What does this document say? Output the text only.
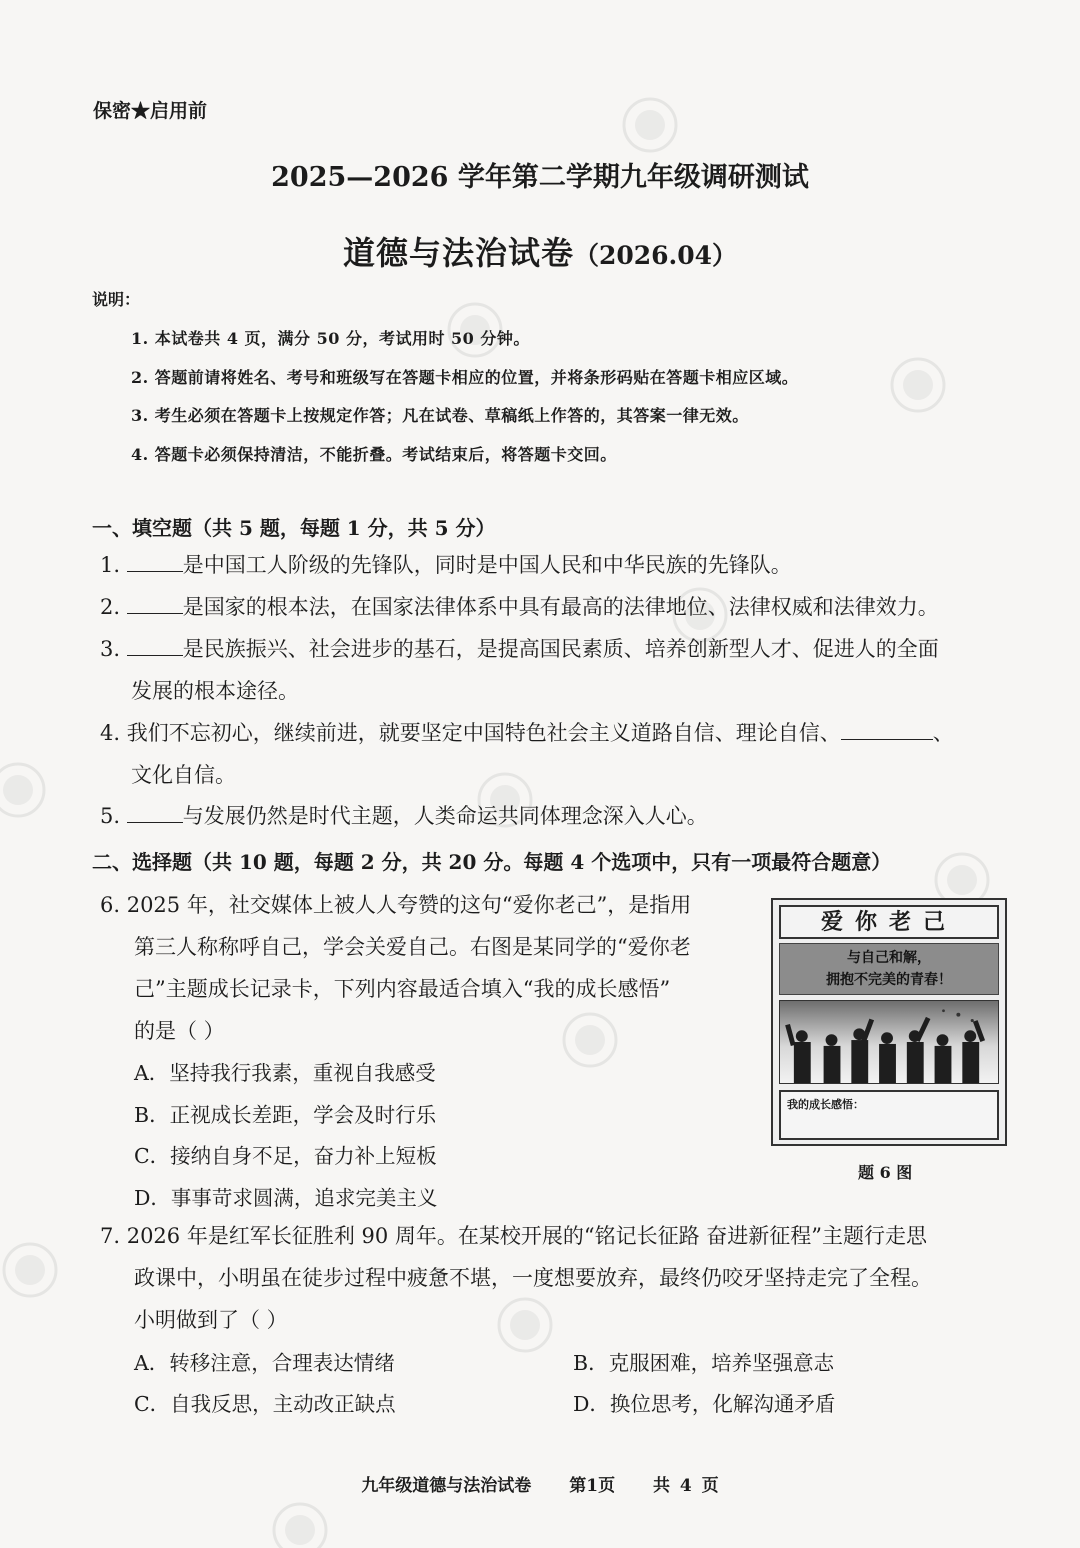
保密★启用前
2025—2026 学年第二学期九年级调研测试
道德与法治试卷（2026.04）
说明：
1. 本试卷共 4 页，满分 50 分，考试用时 50 分钟。
2. 答题前请将姓名、考号和班级写在答题卡相应的位置，并将条形码贴在答题卡相应区域。
3. 考生必须在答题卡上按规定作答；凡在试卷、草稿纸上作答的，其答案一律无效。
4. 答题卡必须保持清洁，不能折叠。考试结束后，将答题卡交回。
一、填空题（共 5 题，每题 1 分，共 5 分）
1.	是中国工人阶级的先锋队，同时是中国人民和中华民族的先锋队。
2.	是国家的根本法，在国家法律体系中具有最高的法律地位、法律权威和法律效力。
3.	是民族振兴、社会进步的基石，是提高国民素质、培养创新型人才、促进人的全面
发展的根本途径。
4. 我们不忘初心，继续前进，就要坚定中国特色社会主义道路自信、理论自信、	、
文化自信。
5.	与发展仍然是时代主题，人类命运共同体理念深入人心。
二、选择题（共 10 题，每题 2 分，共 20 分。每题 4 个选项中，只有一项最符合题意）
6. 2025 年，社交媒体上被人人夸赞的这句“爱你老己”，是指用
第三人称称呼自己，学会关爱自己。右图是某同学的“爱你老
己”主题成长记录卡，下列内容最适合填入“我的成长感悟”
的是（ ）
A．坚持我行我素，重视自我感受
B．正视成长差距，学会及时行乐
C．接纳自身不足，奋力补上短板
D．事事苛求圆满，追求完美主义
爱你老己
与自己和解，
拥抱不完美的青春！
我的成长感悟：
题 6 图
7. 2026 年是红军长征胜利 90 周年。在某校开展的“铭记长征路 奋进新征程”主题行走思
政课中，小明虽在徒步过程中疲惫不堪，一度想要放弃，最终仍咬牙坚持走完了全程。
小明做到了（ ）
A．转移注意，合理表达情绪	B．克服困难，培养坚强意志
C．自我反思，主动改正缺点	D．换位思考，化解沟通矛盾
九年级道德与法治试卷 第1页 共 4 页
